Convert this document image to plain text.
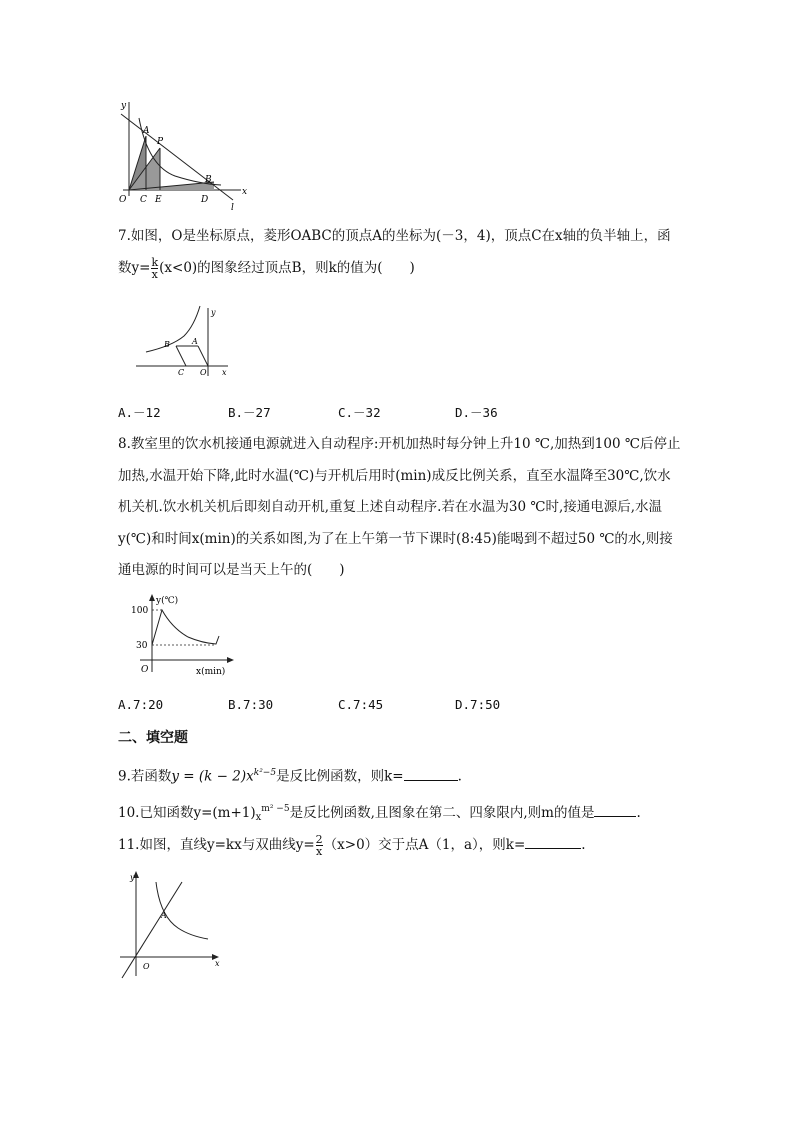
y
x
O C E	D
A
P
B
l
7.如图，O是坐标原点，菱形OABC的顶点A的坐标为(－3，4)，顶点C在x轴的负半轴上，函
数$y= \frac{k}{x} (x<0)$的图象经过顶点B，则k的值为(　　)
y
x
B	A
C O
A.－12	B.－27	C.－32	D.－36
8.教室里的饮水机接通电源就进入自动程序:开机加热时每分钟上升10 ℃,加热到100 ℃后停止
加热,水温开始下降,此时水温(℃)与开机后用时(min)成反比例关系，直至水温降至30℃,饮水
机关机.饮水机关机后即刻自动开机,重复上述自动程序.若在水温为30 ℃时,接通电源后,水温
y(℃)和时间x(min)的关系如图,为了在上午第一节下课时(8:45)能喝到不超过50 ℃的水,则接
通电源的时间可以是当天上午的(　　)
y(℃)
x(min)
100
30
O
A.7:20	B.7:30	C.7:45	D.7:50
二、填空题
9.若函数$y = (k - 2)x^{k^2-5}$是反比例函数，则k=	.
10.已知函数$y=(m+1)_x^{m^2 -5}$是反比例函数,且图象在第二、四象限内,则m的值是	.
11.如图，直线y=kx与双曲线$y= \frac{2}{x} (x>0)$交于点A（1，a），则k=	.
y
x
A
O
